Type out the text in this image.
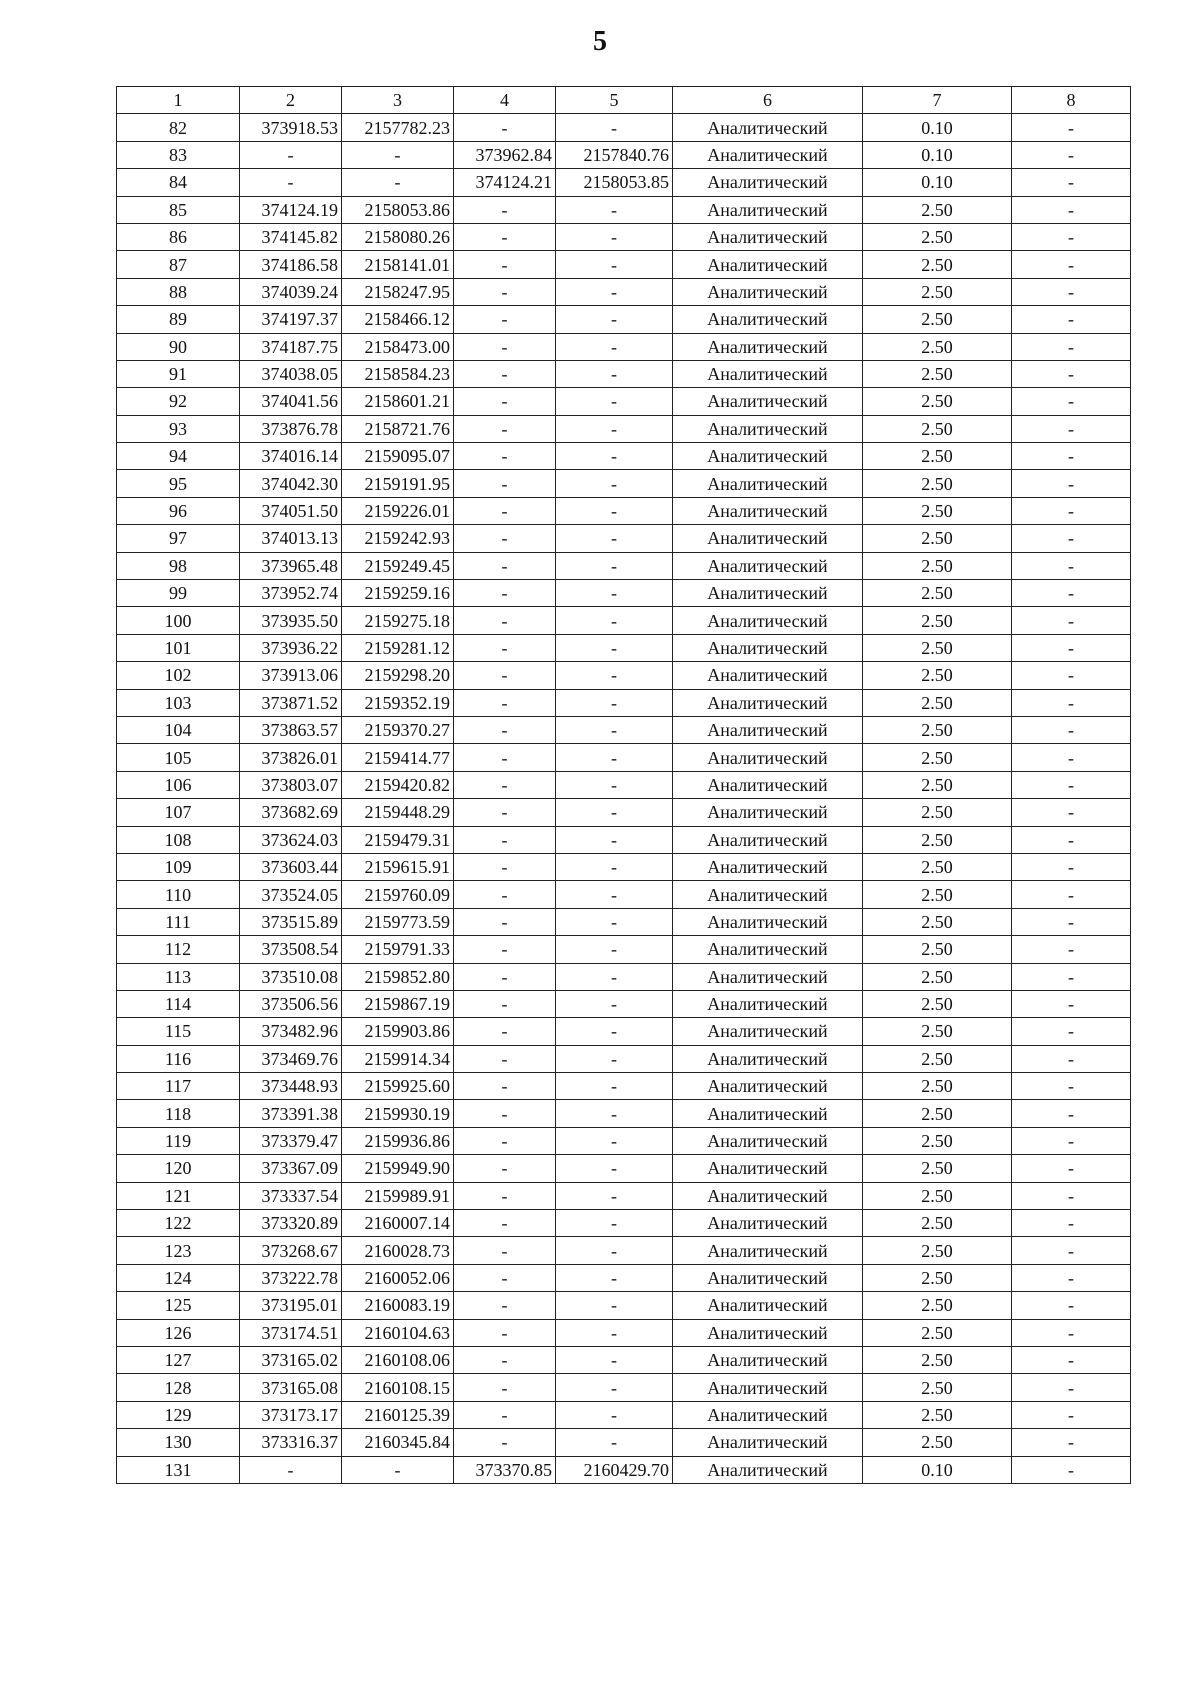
5
1	2	3	4	5	6	7	8
82	373918.53	2157782.23	-	-	Аналитический	0.10	-
83	-	-	373962.84	2157840.76	Аналитический	0.10	-
84	-	-	374124.21	2158053.85	Аналитический	0.10	-
85	374124.19	2158053.86	-	-	Аналитический	2.50	-
86	374145.82	2158080.26	-	-	Аналитический	2.50	-
87	374186.58	2158141.01	-	-	Аналитический	2.50	-
88	374039.24	2158247.95	-	-	Аналитический	2.50	-
89	374197.37	2158466.12	-	-	Аналитический	2.50	-
90	374187.75	2158473.00	-	-	Аналитический	2.50	-
91	374038.05	2158584.23	-	-	Аналитический	2.50	-
92	374041.56	2158601.21	-	-	Аналитический	2.50	-
93	373876.78	2158721.76	-	-	Аналитический	2.50	-
94	374016.14	2159095.07	-	-	Аналитический	2.50	-
95	374042.30	2159191.95	-	-	Аналитический	2.50	-
96	374051.50	2159226.01	-	-	Аналитический	2.50	-
97	374013.13	2159242.93	-	-	Аналитический	2.50	-
98	373965.48	2159249.45	-	-	Аналитический	2.50	-
99	373952.74	2159259.16	-	-	Аналитический	2.50	-
100	373935.50	2159275.18	-	-	Аналитический	2.50	-
101	373936.22	2159281.12	-	-	Аналитический	2.50	-
102	373913.06	2159298.20	-	-	Аналитический	2.50	-
103	373871.52	2159352.19	-	-	Аналитический	2.50	-
104	373863.57	2159370.27	-	-	Аналитический	2.50	-
105	373826.01	2159414.77	-	-	Аналитический	2.50	-
106	373803.07	2159420.82	-	-	Аналитический	2.50	-
107	373682.69	2159448.29	-	-	Аналитический	2.50	-
108	373624.03	2159479.31	-	-	Аналитический	2.50	-
109	373603.44	2159615.91	-	-	Аналитический	2.50	-
110	373524.05	2159760.09	-	-	Аналитический	2.50	-
111	373515.89	2159773.59	-	-	Аналитический	2.50	-
112	373508.54	2159791.33	-	-	Аналитический	2.50	-
113	373510.08	2159852.80	-	-	Аналитический	2.50	-
114	373506.56	2159867.19	-	-	Аналитический	2.50	-
115	373482.96	2159903.86	-	-	Аналитический	2.50	-
116	373469.76	2159914.34	-	-	Аналитический	2.50	-
117	373448.93	2159925.60	-	-	Аналитический	2.50	-
118	373391.38	2159930.19	-	-	Аналитический	2.50	-
119	373379.47	2159936.86	-	-	Аналитический	2.50	-
120	373367.09	2159949.90	-	-	Аналитический	2.50	-
121	373337.54	2159989.91	-	-	Аналитический	2.50	-
122	373320.89	2160007.14	-	-	Аналитический	2.50	-
123	373268.67	2160028.73	-	-	Аналитический	2.50	-
124	373222.78	2160052.06	-	-	Аналитический	2.50	-
125	373195.01	2160083.19	-	-	Аналитический	2.50	-
126	373174.51	2160104.63	-	-	Аналитический	2.50	-
127	373165.02	2160108.06	-	-	Аналитический	2.50	-
128	373165.08	2160108.15	-	-	Аналитический	2.50	-
129	373173.17	2160125.39	-	-	Аналитический	2.50	-
130	373316.37	2160345.84	-	-	Аналитический	2.50	-
131	-	-	373370.85	2160429.70	Аналитический	0.10	-
